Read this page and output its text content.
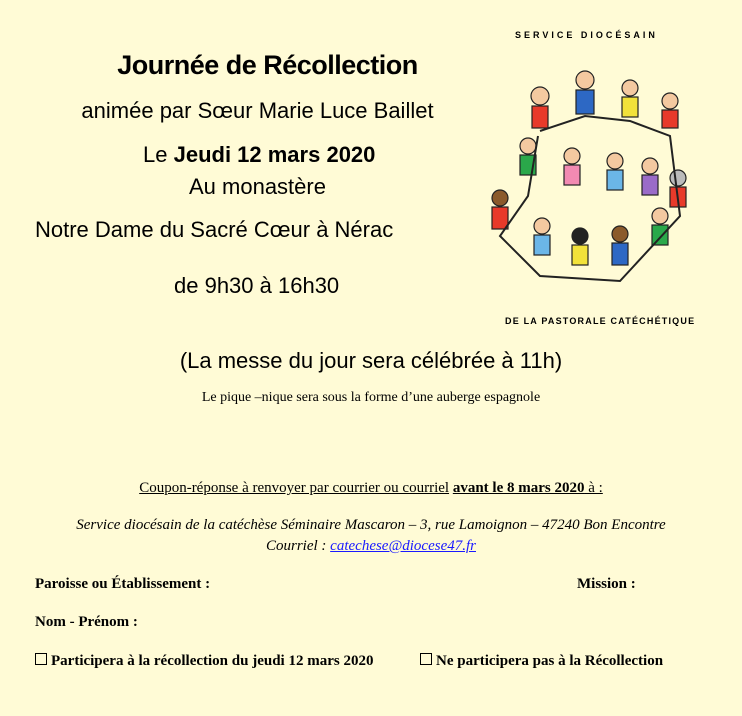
Journée de Récollection
animée par Sœur Marie Luce Baillet
Le Jeudi 12 mars 2020
Au monastère
Notre Dame du Sacré Cœur à Nérac
de 9h30 à 16h30
SERVICE DIOCÉSAIN
DE LA PASTORALE CATÉCHÉTIQUE
(La messe du jour sera célébrée à 11h)
Le pique –nique sera sous la forme d’une auberge espagnole
Coupon-réponse à renvoyer par courrier ou courriel avant le 8 mars 2020 à :
Service diocésain de la catéchèse Séminaire Mascaron – 3, rue Lamoignon – 47240 Bon Encontre
Courriel : catechese@diocese47.fr
Paroisse ou Établissement :	Mission :
Nom - Prénom :
Participera à la récollection du jeudi 12 mars 2020	Ne participera pas à la Récollection
